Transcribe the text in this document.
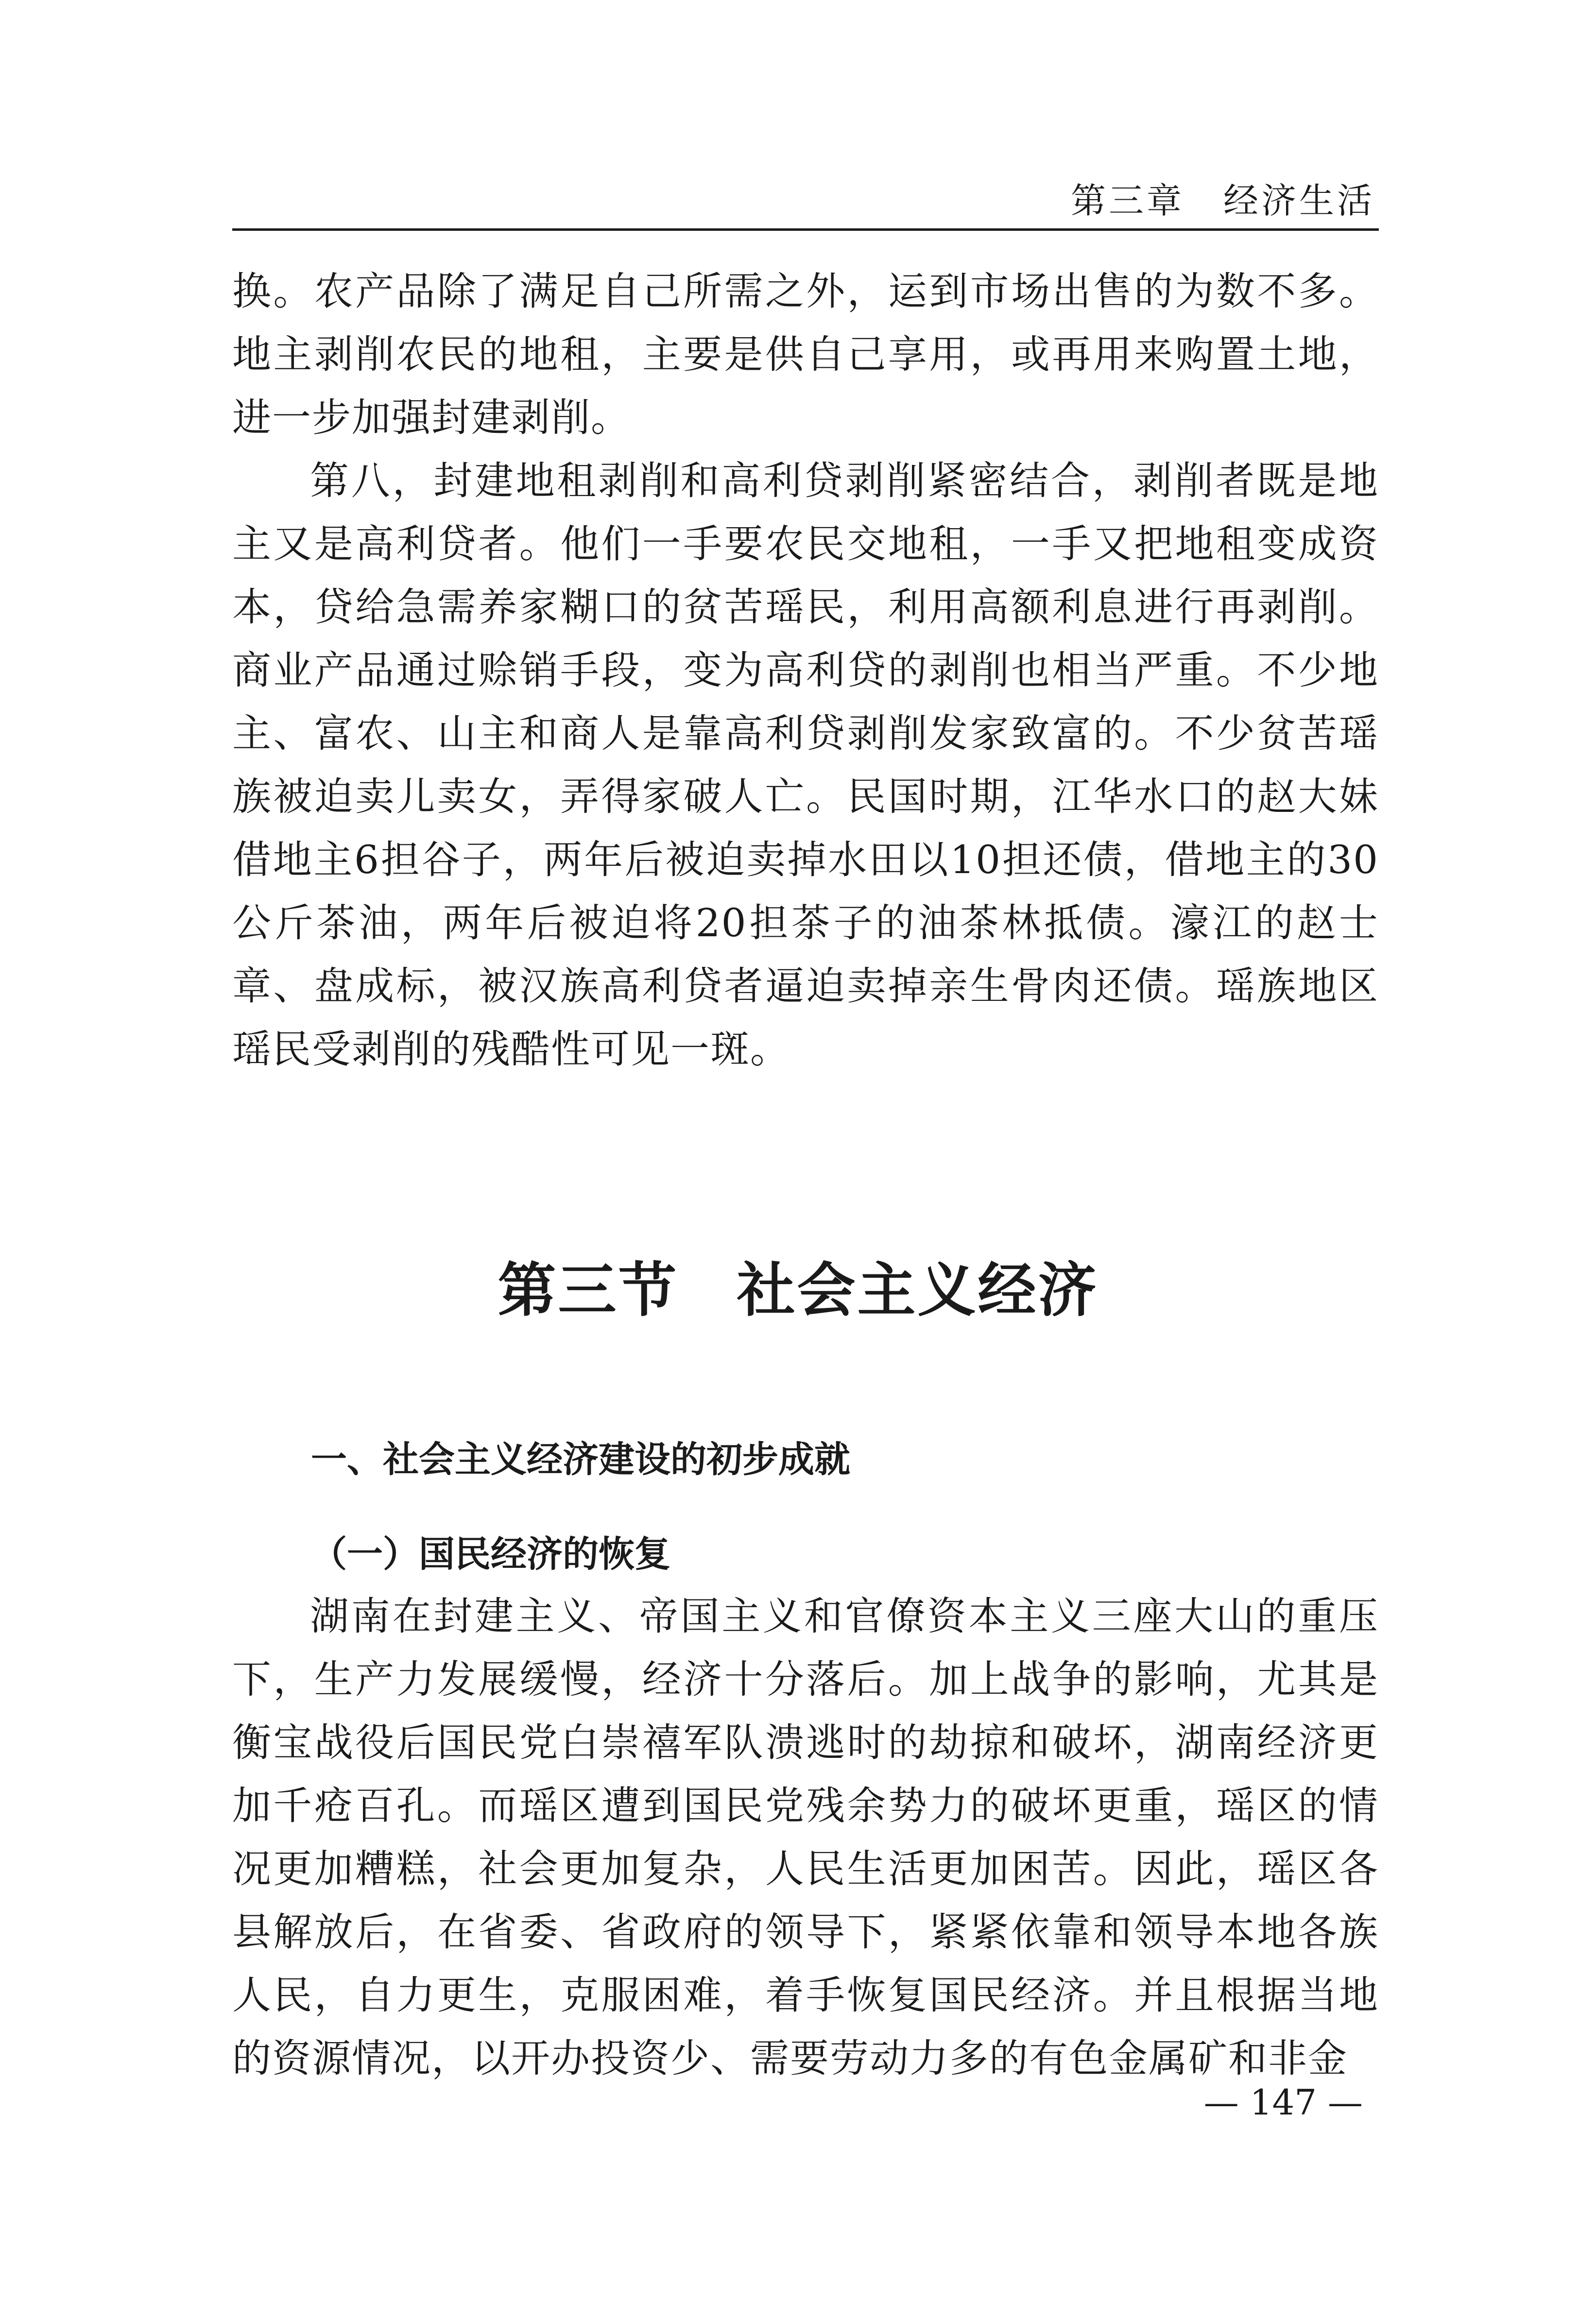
第三章 经济生活

换。农产品除了满足自己所需之外，运到市场出售的为数不多。地主剥削农民的地租，主要是供自己享用，或再用来购置土地，进一步加强封建剥削。

第八，封建地租剥削和高利贷剥削紧密结合，剥削者既是地主又是高利贷者。他们一手要农民交地租，一手又把地租变成资本，贷给急需养家糊口的贫苦瑶民，利用高额利息进行再剥削。商业产品通过赊销手段，变为高利贷的剥削也相当严重。不少地主、富农、山主和商人是靠高利贷剥削发家致富的。不少贫苦瑶族被迫卖儿卖女，弄得家破人亡。民国时期，江华水口的赵大妹借地主6担谷子，两年后被迫卖掉水田以10担还债，借地主的30公斤茶油，两年后被迫将20担茶子的油茶林抵债。濠江的赵士章、盘成标，被汉族高利贷者逼迫卖掉亲生骨肉还债。瑶族地区瑶民受剥削的残酷性可见一斑。

第三节 社会主义经济
一、社会主义经济建设的初步成就
（一）国民经济的恢复

湖南在封建主义、帝国主义和官僚资本主义三座大山的重压下，生产力发展缓慢，经济十分落后。加上战争的影响，尤其是衡宝战役后国民党白崇禧军队溃逃时的劫掠和破坏，湖南经济更加千疮百孔。而瑶区遭到国民党残余势力的破坏更重，瑶区的情况更加糟糕，社会更加复杂，人民生活更加困苦。因此，瑶区各县解放后，在省委、省政府的领导下，紧紧依靠和领导本地各族人民，自力更生，克服困难，着手恢复国民经济。并且根据当地的资源情况，以开办投资少、需要劳动力多的有色金属矿和非金

— 147 —
